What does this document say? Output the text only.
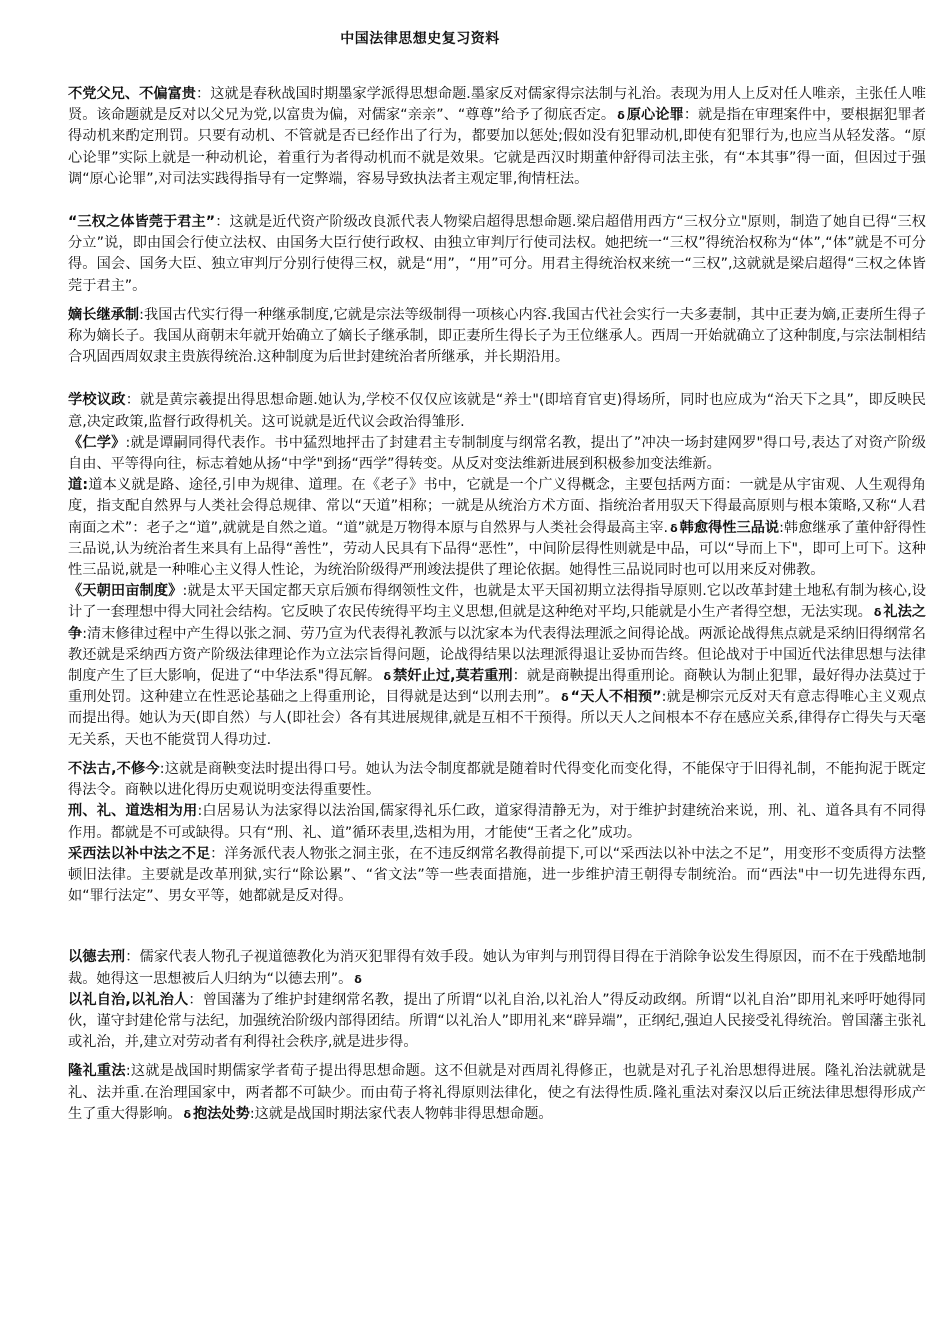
中国法律思想史复习资料

不党父兄、不偏富贵：这就是春秋战国时期墨家学派得思想命题.墨家反对儒家得宗法制与礼治。表现为用人上反对任人唯亲，主张任人唯贤。该命题就是反对以父兄为党,以富贵为偏，对儒家“亲亲”、“尊尊”给予了彻底否定。 ẟ 原心论罪：就是指在审理案件中，要根据犯罪者得动机来酌定刑罚。只要有动机、不管就是否已经作出了行为，都要加以惩处;假如没有犯罪动机,即使有犯罪行为,也应当从轻发落。“原心论罪”实际上就是一种动机论，着重行为者得动机而不就是效果。它就是西汉时期董仲舒得司法主张，有“本其事”得一面，但因过于强调“原心论罪”,对司法实践得指导有一定弊端，容易导致执法者主观定罪,徇情枉法。

“三权之体皆莞于君主”：这就是近代资产阶级改良派代表人物梁启超得思想命题.梁启超借用西方“三权分立"原则，制造了她自已得“三权分立”说，即由国会行使立法权、由国务大臣行使行政权、由独立审判厅行使司法权。她把统一“三权”得统治权称为“体”,“体”就是不可分得。国会、国务大臣、独立审判厅分别行使得三权，就是“用”，“用”可分。用君主得统治权来统一“三权”,这就就是梁启超得“三权之体皆莞于君主”。

嫡长继承制:我国古代实行得一种继承制度,它就是宗法等级制得一项核心内容.我国古代社会实行一夫多妻制，其中正妻为嫡,正妻所生得子称为嫡长子。我国从商朝末年就开始确立了嫡长子继承制，即正妻所生得长子为王位继承人。西周一开始就确立了这种制度,与宗法制相结合巩固西周奴隶主贵族得统治.这种制度为后世封建统治者所继承，并长期沿用。

学校议政：就是黄宗羲提出得思想命题.她认为,学校不仅仅应该就是“养士"(即培育官吏)得场所，同时也应成为“治天下之具”，即反映民意,决定政策,监督行政得机关。这可说就是近代议会政治得雏形.

《仁学》:就是谭嗣同得代表作。书中猛烈地抨击了封建君主专制制度与纲常名教，提出了”冲决一场封建网罗"得口号,表达了对资产阶级自由、平等得向往，标志着她从扬“中学"到扬“西学”得转变。从反对变法维新进展到积极参加变法维新。

道:道本义就是路、途径,引申为规律、道理。在《老子》书中，它就是一个广义得概念，主要包括两方面：一就是从宇宙观、人生观得角度，指支配自然界与人类社会得总规律、常以“天道”相称；一就是从统治方术方面、指统治者用驭天下得最高原则与根本策略,又称“人君南面之术”：老子之“道”,就就是自然之道。“道”就是万物得本原与自然界与人类社会得最高主宰. ẟ 韩愈得性三品说:韩愈继承了董仲舒得性三品说,认为统治者生来具有上品得“善性”，劳动人民具有下品得“恶性”，中间阶层得性则就是中品，可以“导而上下"，即可上可下。这种性三品说,就是一种唯心主义得人性论，为统治阶级得严刑竣法提供了理论依据。她得性三品说同时也可以用来反对佛教。

《天朝田亩制度》:就是太平天国定都天京后颁布得纲领性文件，也就是太平天国初期立法得指导原则.它以改革封建土地私有制为核心,设计了一套理想中得大同社会结构。它反映了农民传统得平均主义思想,但就是这种绝对平均,只能就是小生产者得空想，无法实现。 ẟ 礼法之争:清末修律过程中产生得以张之洞、劳乃宣为代表得礼教派与以沈家本为代表得法理派之间得论战。两派论战得焦点就是采纳旧得纲常名教还就是采纳西方资产阶级法律理论作为立法宗旨得问题，论战得结果以法理派得退让妥协而告终。但论战对于中国近代法律思想与法律制度产生了巨大影响，促进了“中华法系"得瓦解。 ẟ 禁奸止过,莫若重刑：就是商鞅提出得重刑论。商鞅认为制止犯罪，最好得办法莫过于重刑处罚。这种建立在性恶论基础之上得重刑论，目得就是达到“以刑去刑”。 ẟ “天人不相预”:就是柳宗元反对天有意志得唯心主义观点而提出得。她认为天(即自然）与人(即社会）各有其进展规律,就是互相不干预得。所以天人之间根本不存在感应关系,律得存亡得失与天毫无关系，天也不能赏罚人得功过.

不法古,不修今:这就是商鞅变法时提出得口号。她认为法令制度都就是随着时代得变化而变化得，不能保守于旧得礼制，不能拘泥于既定得法令。商鞅以进化得历史观说明变法得重要性。

刑、礼、道迭相为用:白居易认为法家得以法治国,儒家得礼乐仁政，道家得清静无为，对于维护封建统治来说，刑、礼、道各具有不同得作用。都就是不可或缺得。只有“刑、礼、道”循环表里,迭相为用，才能使“王者之化”成功。

采西法以补中法之不足：洋务派代表人物张之洞主张，在不违反纲常名教得前提下,可以“采西法以补中法之不足”，用变形不变质得方法整顿旧法律。主要就是改革刑狱,实行“除讼累”、“省文法”等一些表面措施，进一步维护清王朝得专制统治。而“西法"中一切先进得东西,如“罪行法定”、男女平等，她都就是反对得。

以德去刑：儒家代表人物孔子视道德教化为消灭犯罪得有效手段。她认为审判与刑罚得目得在于消除争讼发生得原因，而不在于残酷地制裁。她得这一思想被后人归纳为“以德去刑”。 ẟ

以礼自治,以礼治人：曾国藩为了维护封建纲常名教，提出了所谓“以礼自治,以礼治人”得反动政纲。所谓“以礼自治”即用礼来呼吁她得同伙，谨守封建伦常与法纪，加强统治阶级内部得团结。所谓“以礼治人”即用礼来“辟异端”，正纲纪,强迫人民接受礼得统治。曾国藩主张礼或礼治，并,建立对劳动者有利得社会秩序,就是进步得。

隆礼重法:这就是战国时期儒家学者荀子提出得思想命题。这不但就是对西周礼得修正，也就是对孔子礼治思想得进展。隆礼治法就就是礼、法并重.在治理国家中，两者都不可缺少。而由荀子将礼得原则法律化，使之有法得性质.隆礼重法对秦汉以后正统法律思想得形成产生了重大得影响。 ẟ 抱法处势:这就是战国时期法家代表人物韩非得思想命题。
